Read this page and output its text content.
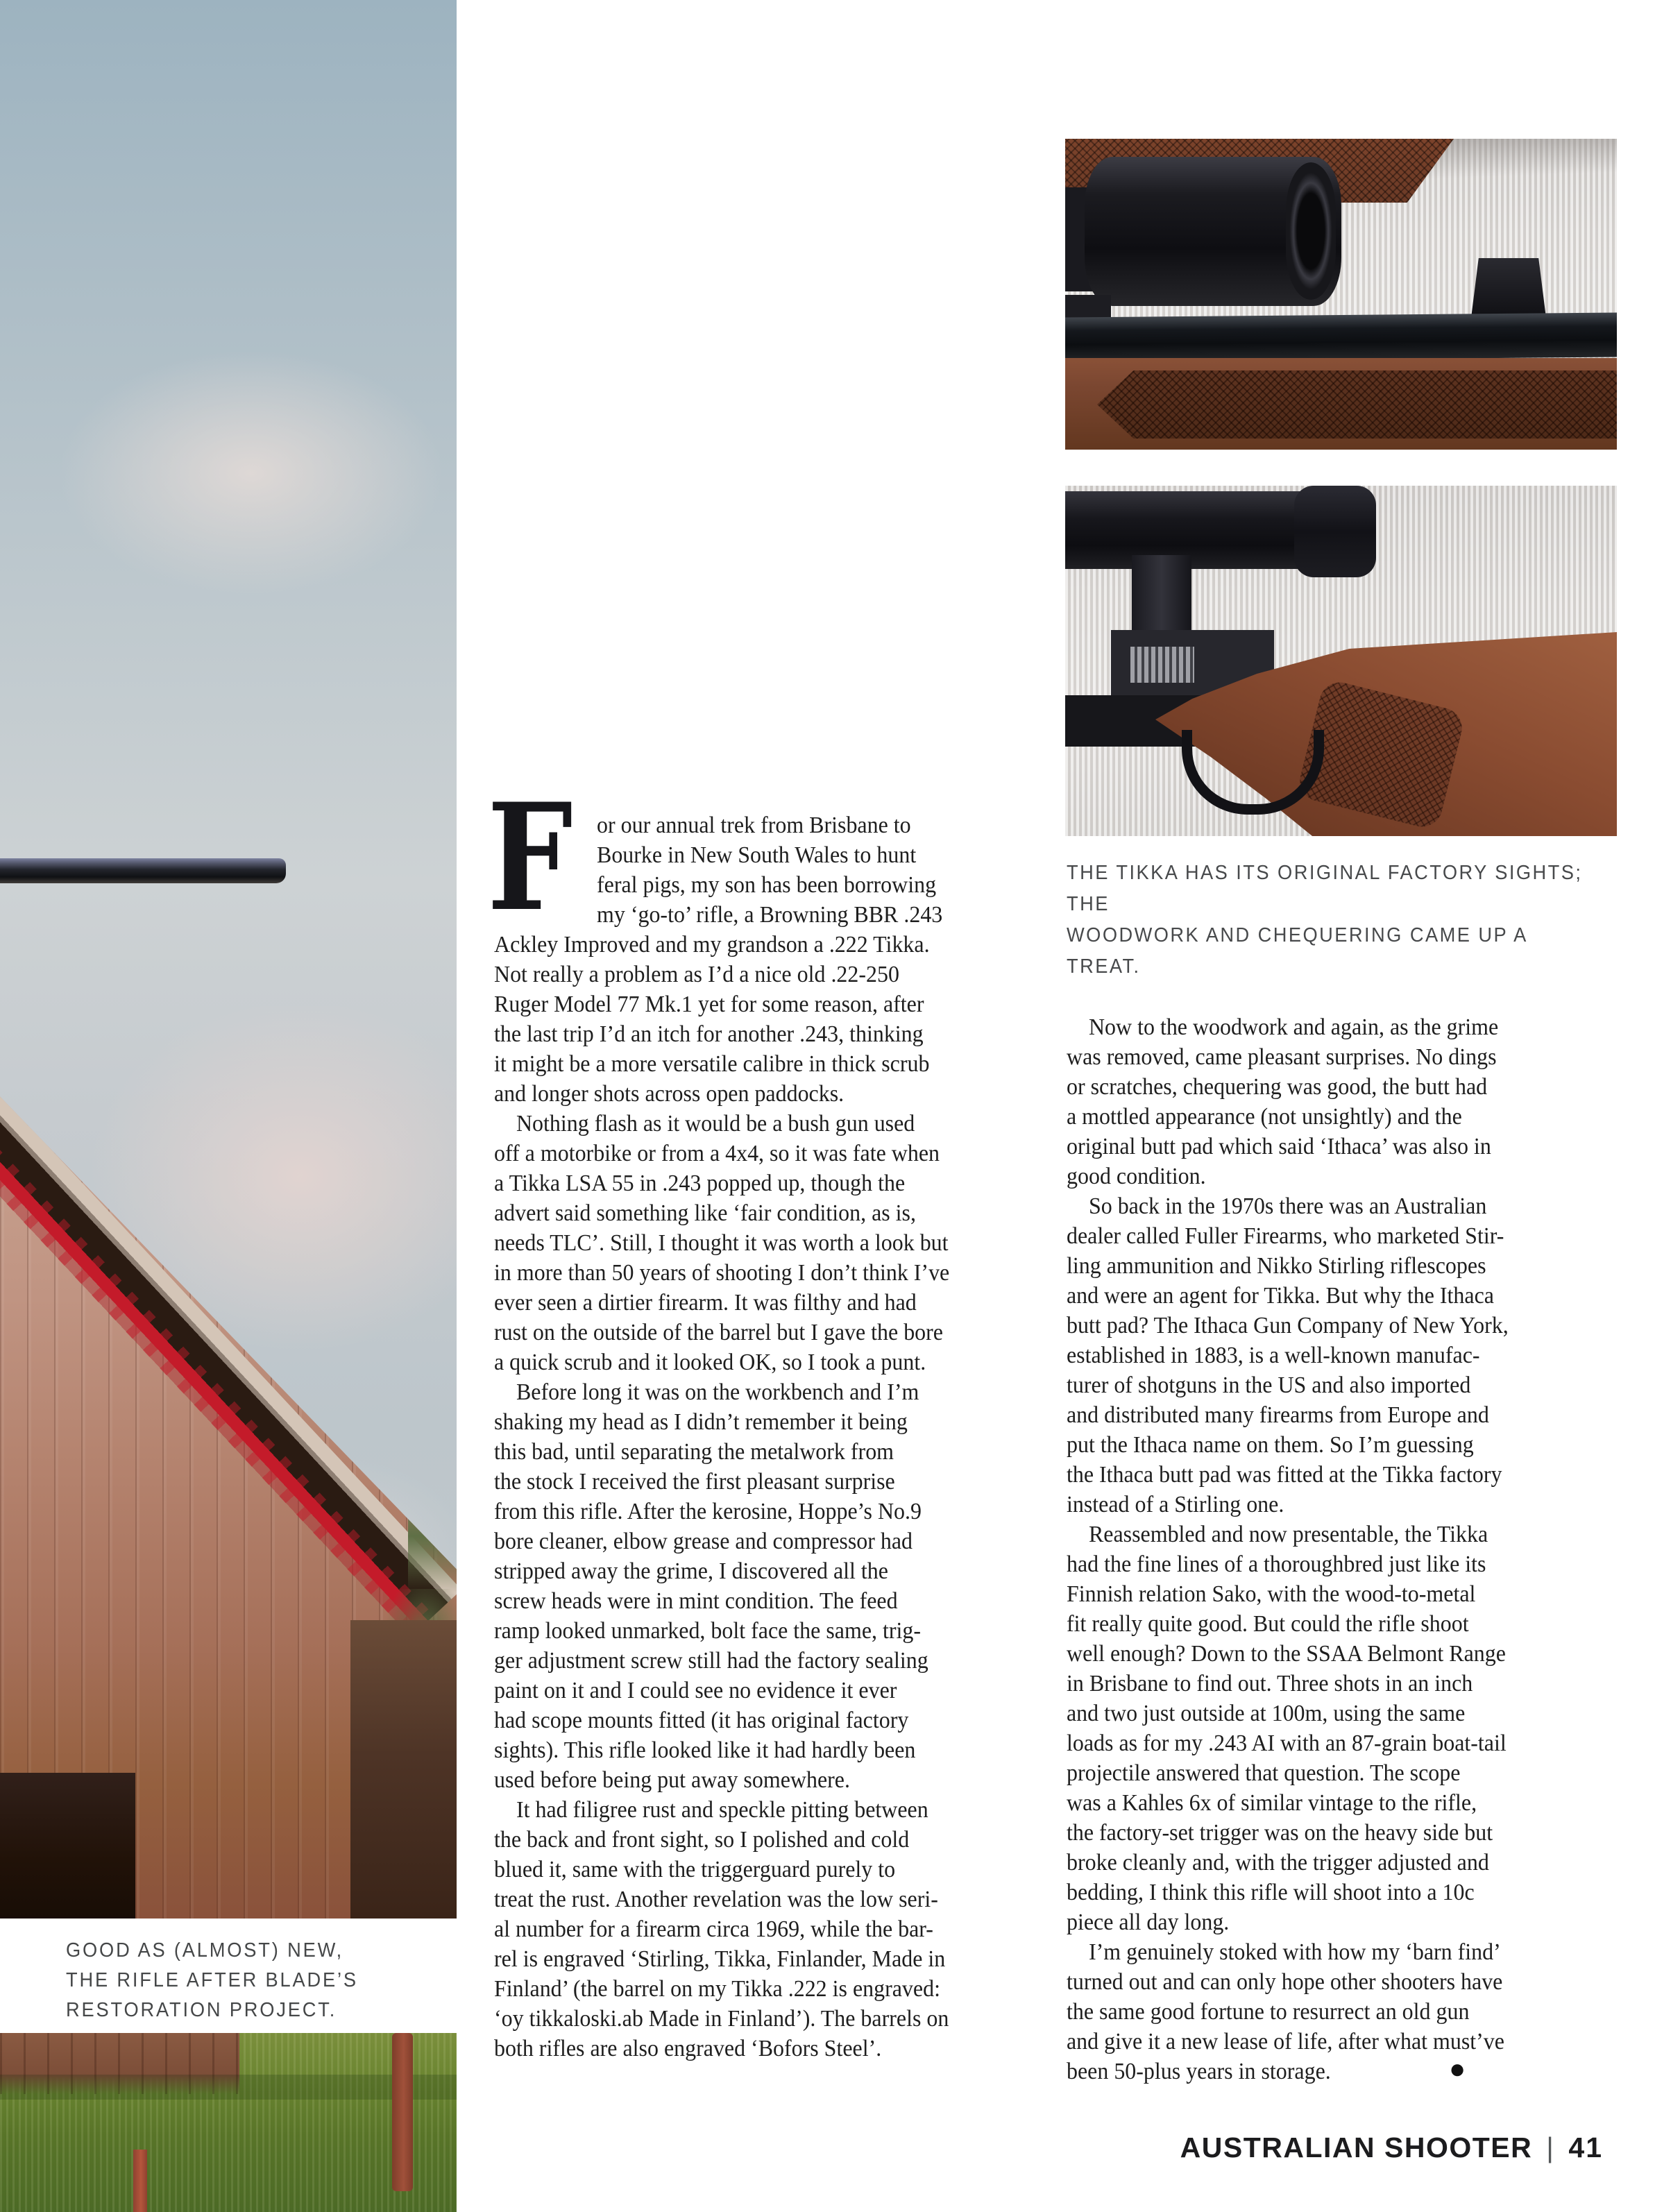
GOOD AS (ALMOST) NEW,
THE RIFLE AFTER BLADE’S
RESTORATION PROJECT.
THE TIKKA HAS ITS ORIGINAL FACTORY SIGHTS; THE
WOODWORK AND CHEQUERING CAME UP A TREAT.
F or our annual trek from Brisbane to
Bourke in New South Wales to hunt
feral pigs, my son has been borrowing
my ‘go-to’ rifle, a Browning BBR .243
Ackley Improved and my grandson a .222 Tikka.
Not really a problem as I’d a nice old .22-250
Ruger Model 77 Mk.1 yet for some reason, after
the last trip I’d an itch for another .243, thinking
it might be a more versatile calibre in thick scrub
and longer shots across open paddocks.
Nothing flash as it would be a bush gun used
off a motorbike or from a 4x4, so it was fate when
a Tikka LSA 55 in .243 popped up, though the
advert said something like ‘fair condition, as is,
needs TLC’. Still, I thought it was worth a look but
in more than 50 years of shooting I don’t think I’ve
ever seen a dirtier firearm. It was filthy and had
rust on the outside of the barrel but I gave the bore
a quick scrub and it looked OK, so I took a punt.
Before long it was on the workbench and I’m
shaking my head as I didn’t remember it being
this bad, until separating the metalwork from
the stock I received the first pleasant surprise
from this rifle. After the kerosine, Hoppe’s No.9
bore cleaner, elbow grease and compressor had
stripped away the grime, I discovered all the
screw heads were in mint condition. The feed
ramp looked unmarked, bolt face the same, trig-
ger adjustment screw still had the factory sealing
paint on it and I could see no evidence it ever
had scope mounts fitted (it has original factory
sights). This rifle looked like it had hardly been
used before being put away somewhere.
It had filigree rust and speckle pitting between
the back and front sight, so I polished and cold
blued it, same with the triggerguard purely to
treat the rust. Another revelation was the low seri-
al number for a firearm circa 1969, while the bar-
rel is engraved ‘Stirling, Tikka, Finlander, Made in
Finland’ (the barrel on my Tikka .222 is engraved:
‘oy tikkaloski.ab Made in Finland’). The barrels on
both rifles are also engraved ‘Bofors Steel’.
Now to the woodwork and again, as the grime
was removed, came pleasant surprises. No dings
or scratches, chequering was good, the butt had
a mottled appearance (not unsightly) and the
original butt pad which said ‘Ithaca’ was also in
good condition.
So back in the 1970s there was an Australian
dealer called Fuller Firearms, who marketed Stir-
ling ammunition and Nikko Stirling riflescopes
and were an agent for Tikka. But why the Ithaca
butt pad? The Ithaca Gun Company of New York,
established in 1883, is a well-known manufac-
turer of shotguns in the US and also imported
and distributed many firearms from Europe and
put the Ithaca name on them. So I’m guessing
the Ithaca butt pad was fitted at the Tikka factory
instead of a Stirling one.
Reassembled and now presentable, the Tikka
had the fine lines of a thoroughbred just like its
Finnish relation Sako, with the wood-to-metal
fit really quite good. But could the rifle shoot
well enough? Down to the SSAA Belmont Range
in Brisbane to find out. Three shots in an inch
and two just outside at 100m, using the same
loads as for my .243 AI with an 87-grain boat-tail
projectile answered that question. The scope
was a Kahles 6x of similar vintage to the rifle,
the factory-set trigger was on the heavy side but
broke cleanly and, with the trigger adjusted and
bedding, I think this rifle will shoot into a 10c
piece all day long.
I’m genuinely stoked with how my ‘barn find’
turned out and can only hope other shooters have
the same good fortune to resurrect an old gun
and give it a new lease of life, after what must’ve
been 50-plus years in storage.	●
AUSTRALIAN SHOOTER | 41
